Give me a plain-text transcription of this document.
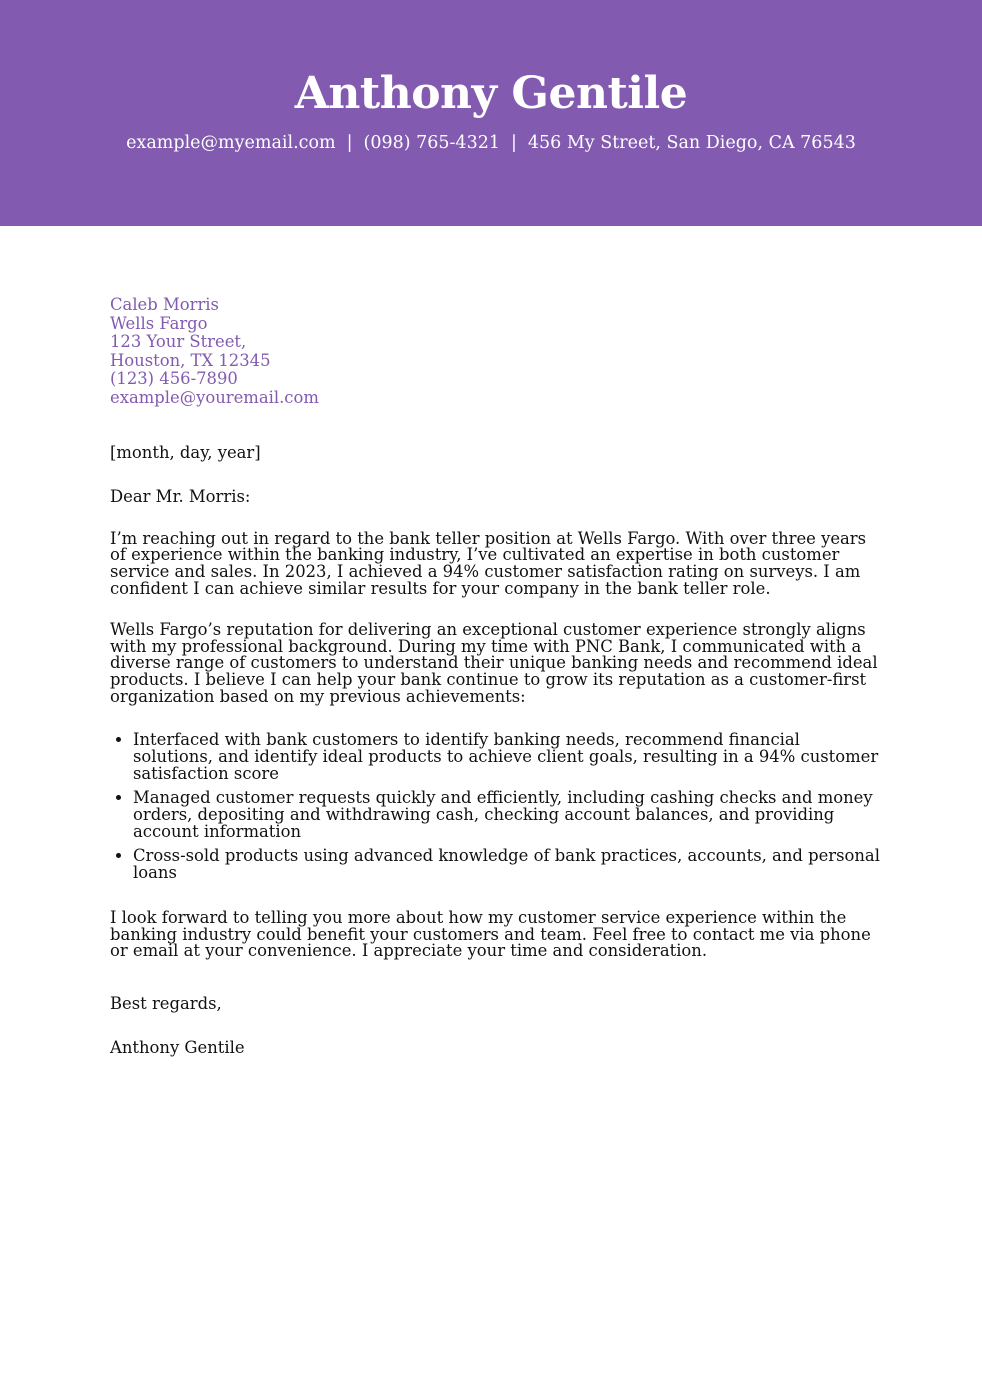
Anthony Gentile
example@myemail.com | (098) 765-4321 | 456 My Street, San Diego, CA 76543
Caleb Morris
Wells Fargo
123 Your Street,
Houston, TX 12345
(123) 456-7890
example@youremail.com
[month, day, year]
Dear Mr. Morris:

I’m reaching out in regard to the bank teller position at Wells Fargo. With over three years of experience within the banking industry, I’ve cultivated an expertise in both customer service and sales. In 2023, I achieved a 94% customer satisfaction rating on surveys. I am confident I can achieve similar results for your company in the bank teller role.

Wells Fargo’s reputation for delivering an exceptional customer experience strongly aligns with my professional background. During my time with PNC Bank, I communicated with a diverse range of customers to understand their unique banking needs and recommend ideal products. I believe I can help your bank continue to grow its reputation as a customer-first organization based on my previous achievements:

• Interfaced with bank customers to identify banking needs, recommend financial solutions, and identify ideal products to achieve client goals, resulting in a 94% customer satisfaction score
• Managed customer requests quickly and efficiently, including cashing checks and money orders, depositing and withdrawing cash, checking account balances, and providing account information
• Cross-sold products using advanced knowledge of bank practices, accounts, and personal loans

I look forward to telling you more about how my customer service experience within the banking industry could benefit your customers and team. Feel free to contact me via phone or email at your convenience. I appreciate your time and consideration.

Best regards,
Anthony Gentile
